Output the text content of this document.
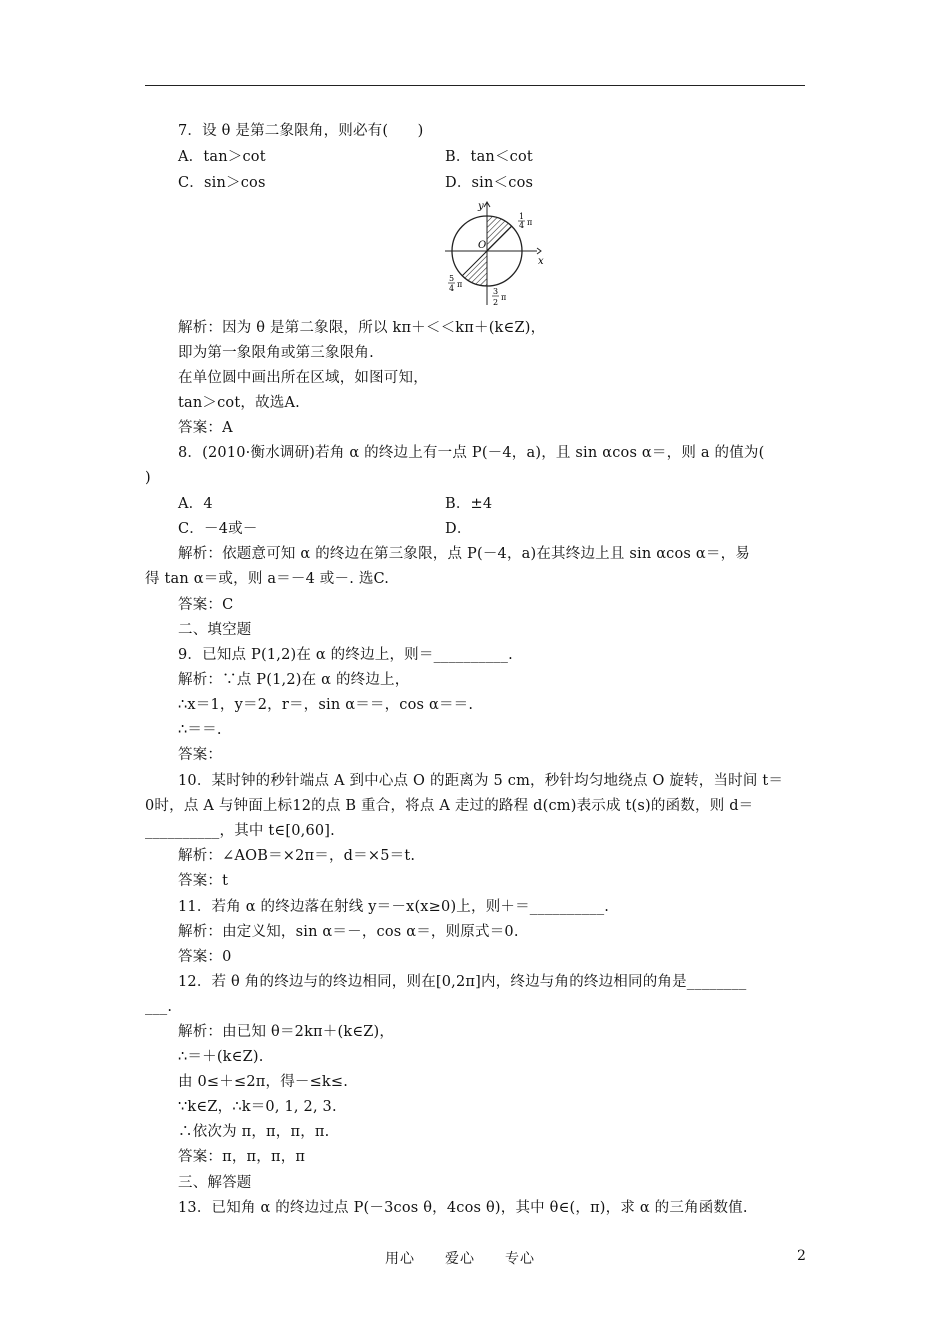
7．设 θ 是第二象限角，则必有(　　)
A．tan＞cot	B．tan＜cot
C．sin＞cos	D．sin＜cos
y
x
O
1
4 π
5
4 π
3
2
π
解析：因为 θ 是第二象限，所以 kπ＋＜＜kπ＋(k∈Z)，
即为第一象限角或第三象限角.
在单位圆中画出所在区域，如图可知，
tan＞cot，故选A.
答案：A
8．(2010·衡水调研)若角 α 的终边上有一点 P(－4，a)，且 sin αcos α＝，则 a 的值为(
)
A．4	B．±4
C．－4或－	D．
解析：依题意可知 α 的终边在第三象限，点 P(－4，a)在其终边上且 sin αcos α＝，易
得 tan α＝或，则 a＝－4 或－. 选C.
答案：C
二、填空题
9．已知点 P(1,2)在 α 的终边上，则＝__________.
解析：∵点 P(1,2)在 α 的终边上，
∴x＝1，y＝2，r＝，sin α＝＝，cos α＝＝.
∴＝＝.
答案：
10．某时钟的秒针端点 A 到中心点 O 的距离为 5 cm，秒针均匀地绕点 O 旋转，当时间 t＝
0时，点 A 与钟面上标12的点 B 重合，将点 A 走过的路程 d(cm)表示成 t(s)的函数，则 d＝
__________，其中 t∈[0,60].
解析：∠AOB＝×2π＝，d＝×5＝t.
答案：t
11．若角 α 的终边落在射线 y＝－x(x≥0)上，则＋＝__________.
解析：由定义知，sin α＝－，cos α＝，则原式＝0.
答案：0
12．若 θ 角的终边与的终边相同，则在[0,2π]内，终边与角的终边相同的角是________
___.
解析：由已知 θ＝2kπ＋(k∈Z)，
∴＝＋(k∈Z).
由 0≤＋≤2π，得－≤k≤.
∵k∈Z，∴k＝0, 1, 2, 3.
∴依次为 π，π，π，π.
答案：π，π，π，π
三、解答题
13．已知角 α 的终边过点 P(－3cos θ，4cos θ)，其中 θ∈(，π)，求 α 的三角函数值.
用心　　爱心　　专心	2
